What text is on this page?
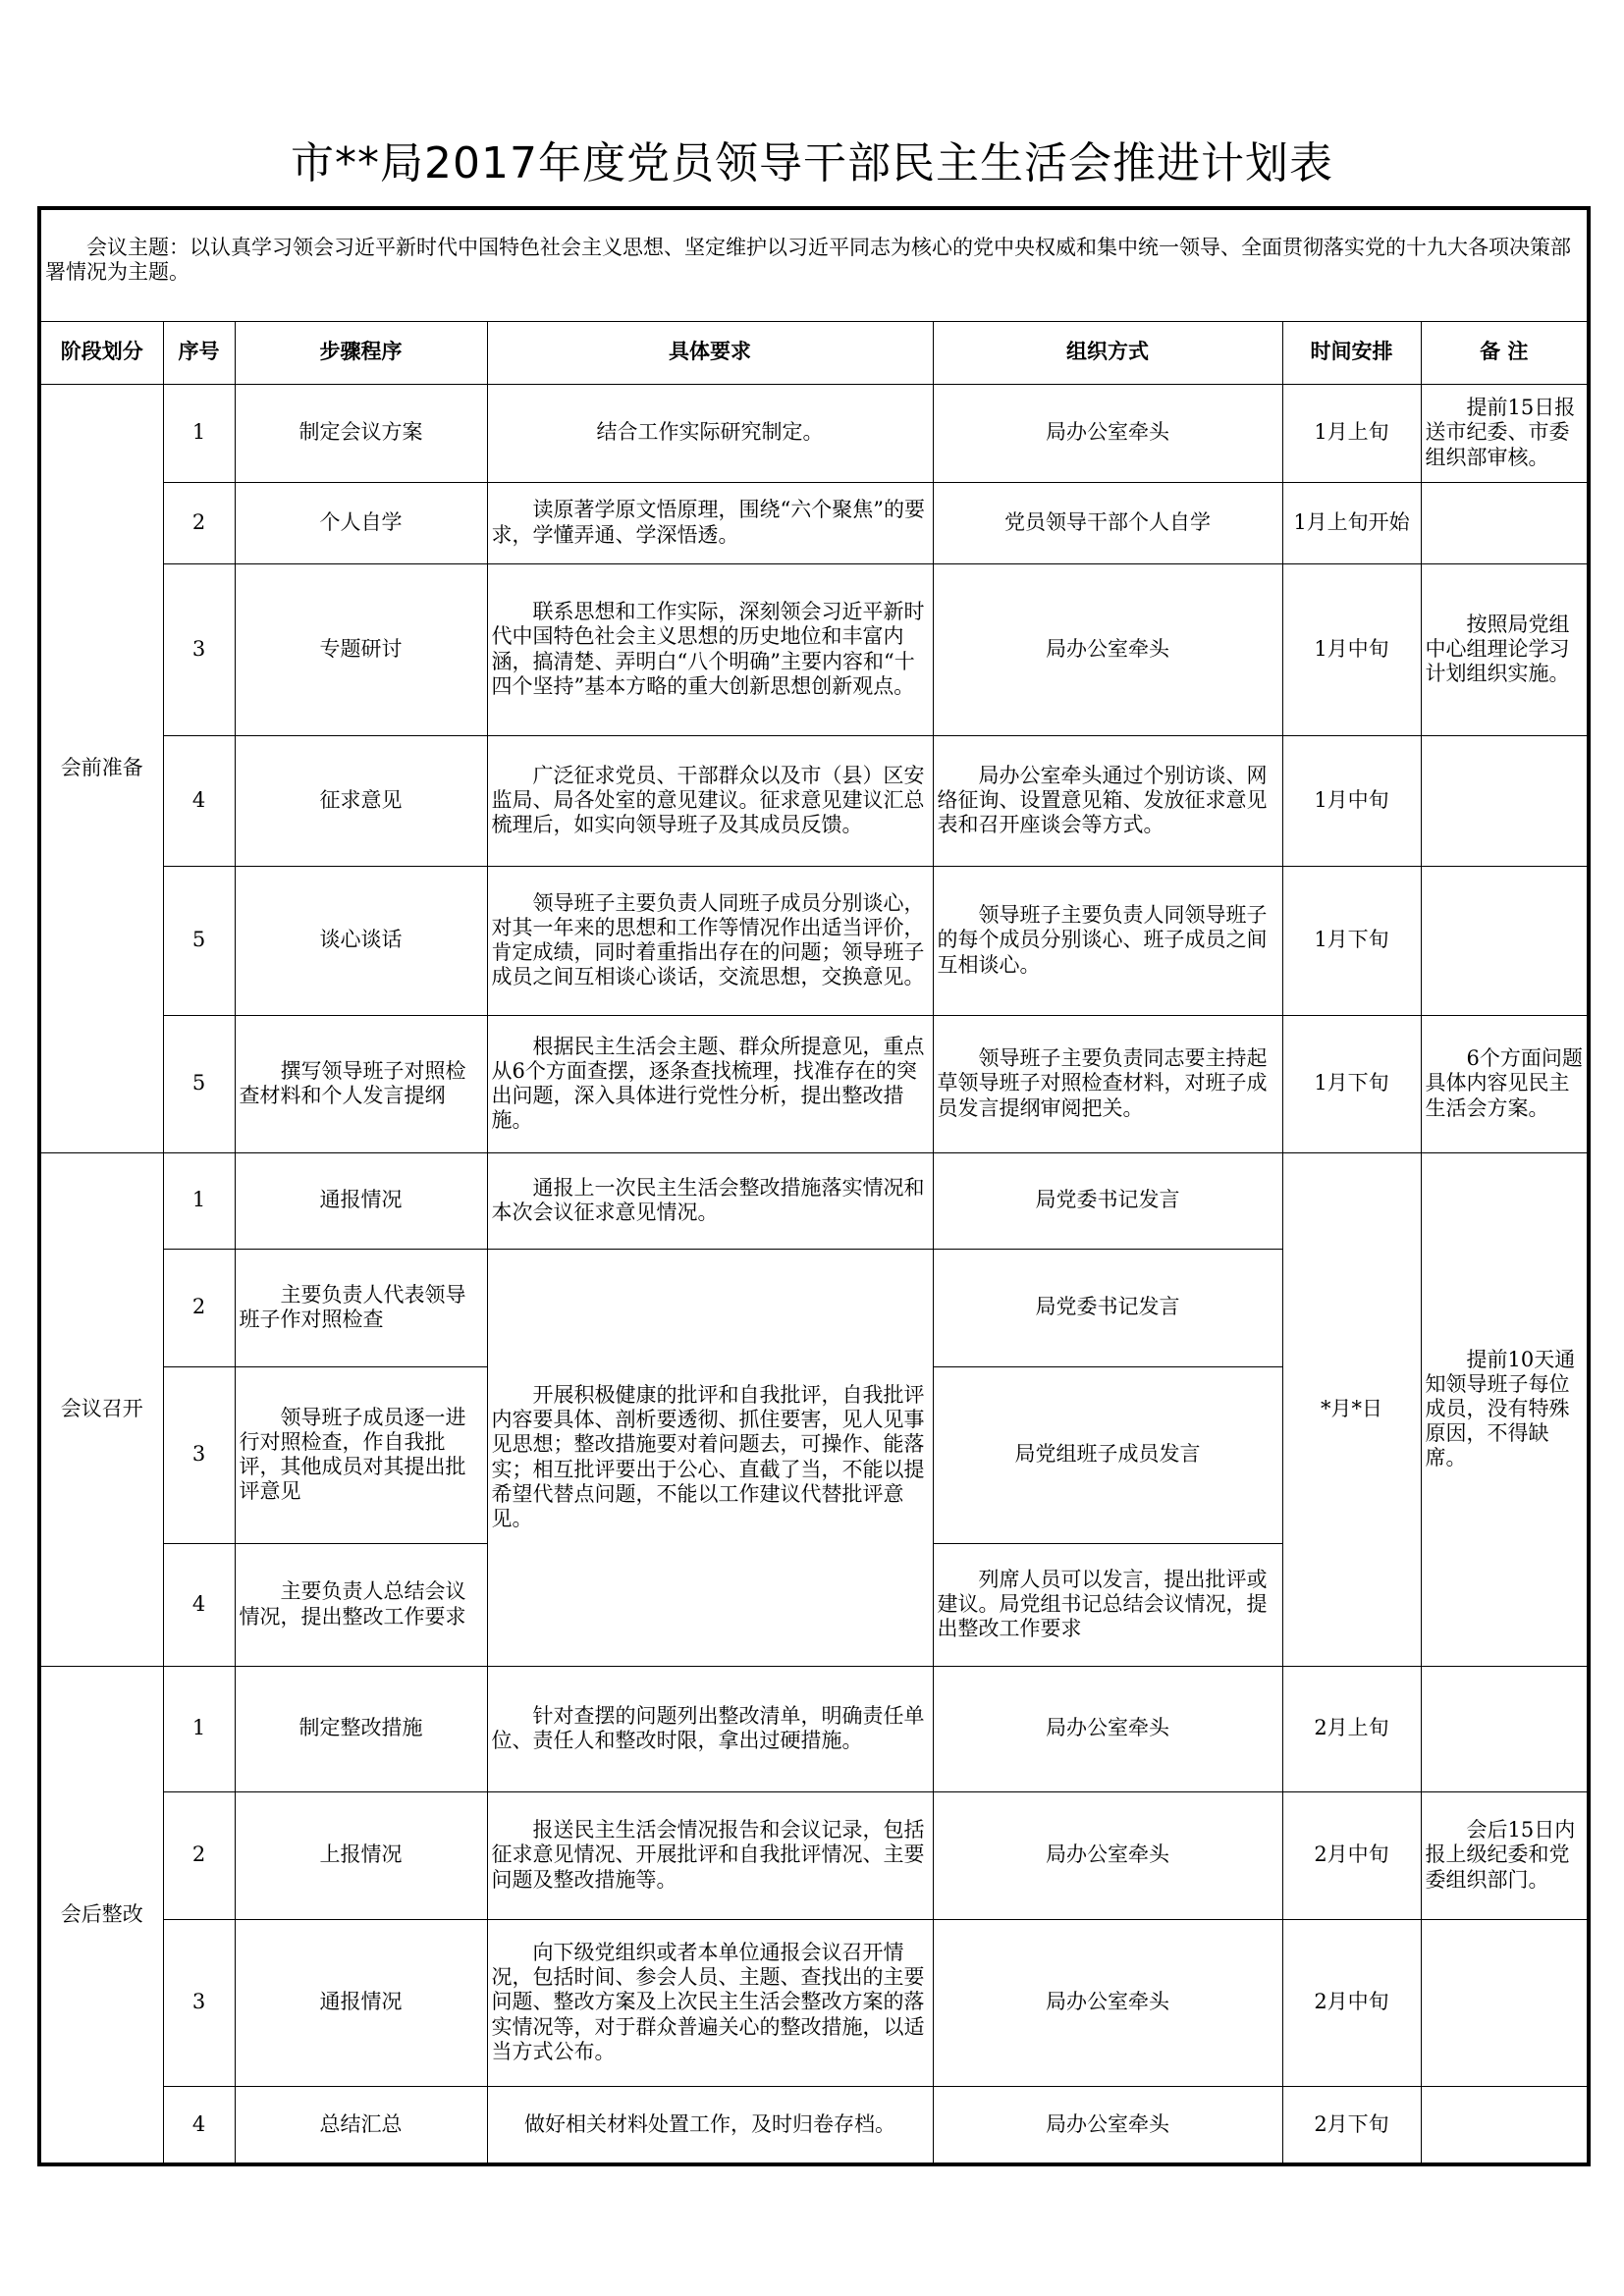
市**局2017年度党员领导干部民主生活会推进计划表
会议主题：以认真学习领会习近平新时代中国特色社会主义思想、坚定维护以习近平同志为核心的党中央权威和集中统一领导、全面贯彻落实党的十九大各项决策部署情况为主题。						
阶段划分	序号	步骤程序	具体要求	组织方式	时间安排	备 注
会前准备	1	制定会议方案	结合工作实际研究制定。	局办公室牵头	1月上旬	提前15日报送市纪委、市委组织部审核。
	2	个人自学	读原著学原文悟原理，围绕“六个聚焦”的要求，学懂弄通、学深悟透。	党员领导干部个人自学	1月上旬开始	
	3	专题研讨	联系思想和工作实际，深刻领会习近平新时代中国特色社会主义思想的历史地位和丰富内涵，搞清楚、弄明白“八个明确”主要内容和“十四个坚持”基本方略的重大创新思想创新观点。	局办公室牵头	1月中旬	按照局党组中心组理论学习计划组织实施。
	4	征求意见	广泛征求党员、干部群众以及市（县）区安监局、局各处室的意见建议。征求意见建议汇总梳理后，如实向领导班子及其成员反馈。	局办公室牵头通过个别访谈、网络征询、设置意见箱、发放征求意见表和召开座谈会等方式。	1月中旬	
	5	谈心谈话	领导班子主要负责人同班子成员分别谈心，对其一年来的思想和工作等情况作出适当评价，肯定成绩，同时着重指出存在的问题；领导班子成员之间互相谈心谈话，交流思想，交换意见。	领导班子主要负责人同领导班子的每个成员分别谈心、班子成员之间互相谈心。	1月下旬	
	5	撰写领导班子对照检查材料和个人发言提纲	根据民主生活会主题、群众所提意见，重点从6个方面查摆，逐条查找梳理，找准存在的突出问题，深入具体进行党性分析，提出整改措施。	领导班子主要负责同志要主持起草领导班子对照检查材料，对班子成员发言提纲审阅把关。	1月下旬	6个方面问题具体内容见民主生活会方案。
会议召开	1	通报情况	通报上一次民主生活会整改措施落实情况和本次会议征求意见情况。	局党委书记发言	*月*日	提前10天通知领导班子每位成员，没有特殊原因，不得缺席。
	2	主要负责人代表领导班子作对照检查	开展积极健康的批评和自我批评，自我批评内容要具体、剖析要透彻、抓住要害，见人见事见思想；整改措施要对着问题去，可操作、能落实；相互批评要出于公心、直截了当，不能以提希望代替点问题，不能以工作建议代替批评意见。	局党委书记发言		
	3	领导班子成员逐一进行对照检查，作自我批评，其他成员对其提出批评意见		局党组班子成员发言		
	4	主要负责人总结会议情况，提出整改工作要求		列席人员可以发言，提出批评或建议。局党组书记总结会议情况，提出整改工作要求		
会后整改	1	制定整改措施	针对查摆的问题列出整改清单，明确责任单位、责任人和整改时限，拿出过硬措施。	局办公室牵头	2月上旬	
	2	上报情况	报送民主生活会情况报告和会议记录，包括征求意见情况、开展批评和自我批评情况、主要问题及整改措施等。	局办公室牵头	2月中旬	会后15日内报上级纪委和党委组织部门。
	3	通报情况	向下级党组织或者本单位通报会议召开情况，包括时间、参会人员、主题、查找出的主要问题、整改方案及上次民主生活会整改方案的落实情况等，对于群众普遍关心的整改措施，以适当方式公布。	局办公室牵头	2月中旬	
	4	总结汇总	做好相关材料处置工作，及时归卷存档。	局办公室牵头	2月下旬	
